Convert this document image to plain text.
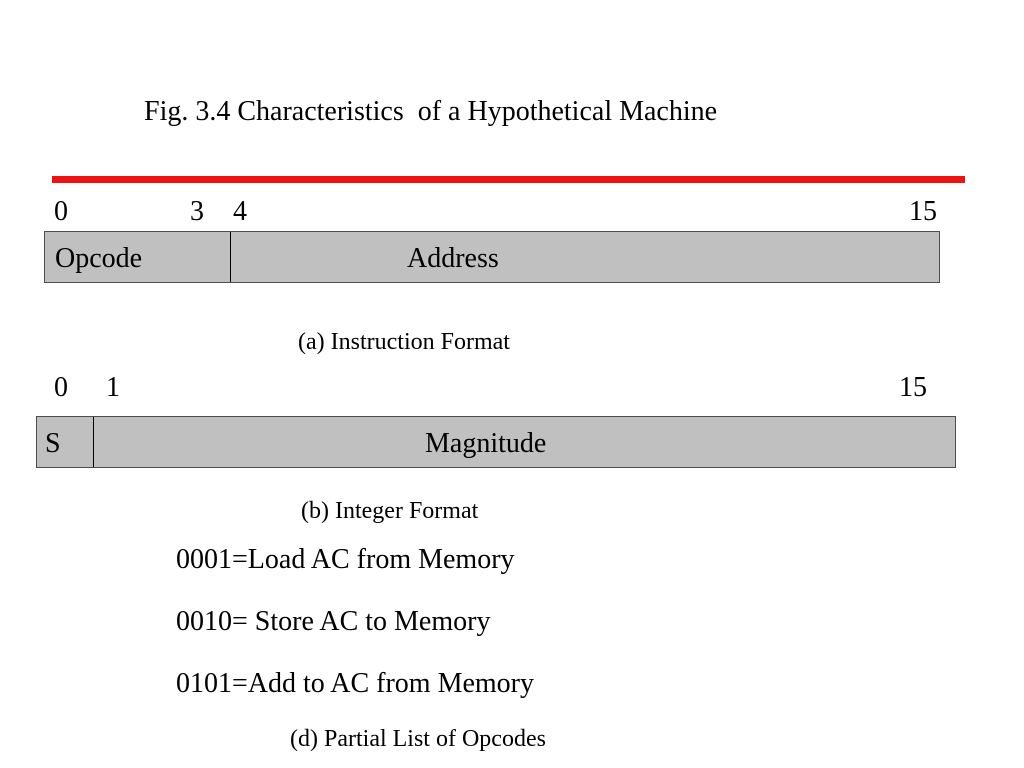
Fig. 3.4 Characteristics  of a Hypothetical Machine
0	3 4	15
Opcode	Address
(a) Instruction Format
0 1	15
S	Magnitude
(b) Integer Format
0001=Load AC from Memory
0010= Store AC to Memory
0101=Add to AC from Memory
(d) Partial List of Opcodes
